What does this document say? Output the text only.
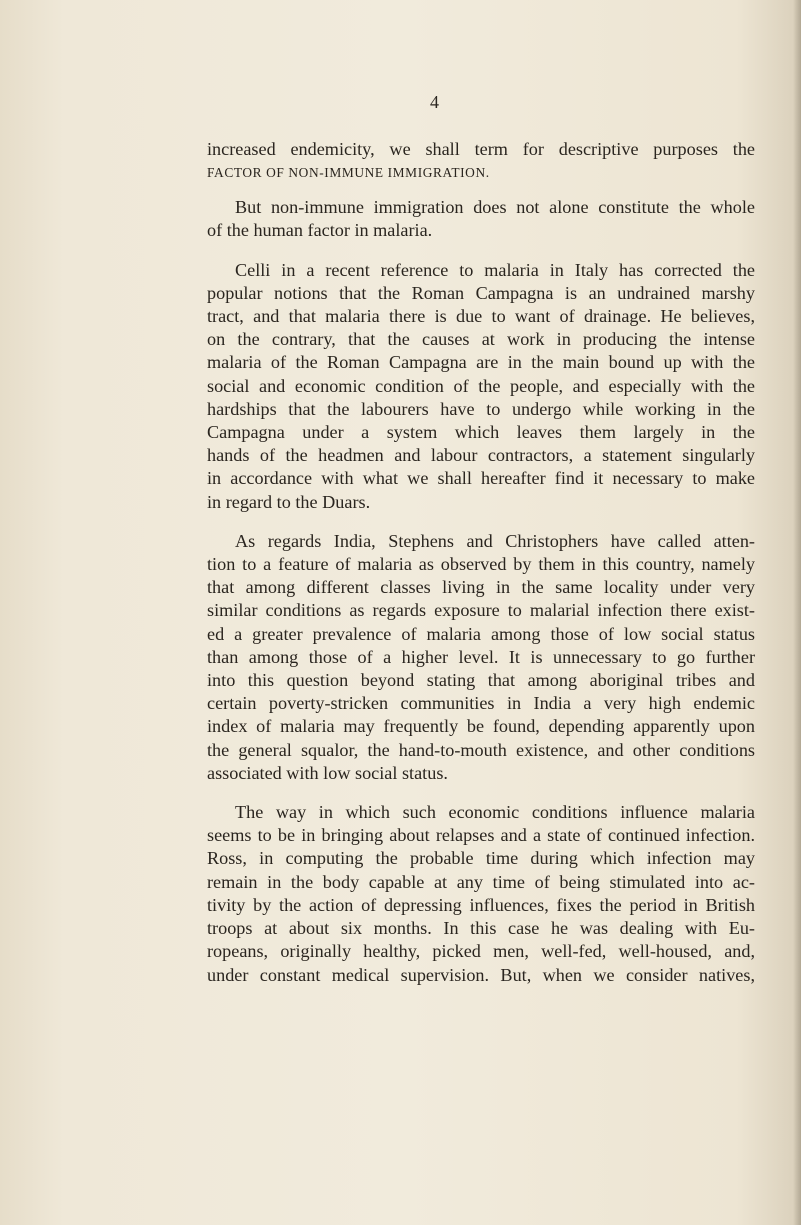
4
increased endemicity, we shall term for descriptive purposes the
FACTOR OF NON-IMMUNE IMMIGRATION.
But non-immune immigration does not alone constitute the whole
of the human factor in malaria.
Celli in a recent reference to malaria in Italy has corrected the
popular notions that the Roman Campagna is an undrained marshy
tract, and that malaria there is due to want of drainage. He believes,
on the contrary, that the causes at work in producing the intense
malaria of the Roman Campagna are in the main bound up with the
social and economic condition of the people, and especially with the
hardships that the labourers have to undergo while working in the
Campagna under a system which leaves them largely in the
hands of the headmen and labour contractors, a statement singularly
in accordance with what we shall hereafter find it necessary to make
in regard to the Duars.
As regards India, Stephens and Christophers have called atten-
tion to a feature of malaria as observed by them in this country, namely
that among different classes living in the same locality under very
similar conditions as regards exposure to malarial infection there exist-
ed a greater prevalence of malaria among those of low social status
than among those of a higher level. It is unnecessary to go further
into this question beyond stating that among aboriginal tribes and
certain poverty-stricken communities in India a very high endemic
index of malaria may frequently be found, depending apparently upon
the general squalor, the hand-to-mouth existence, and other conditions
associated with low social status.
The way in which such economic conditions influence malaria
seems to be in bringing about relapses and a state of continued infection.
Ross, in computing the probable time during which infection may
remain in the body capable at any time of being stimulated into ac-
tivity by the action of depressing influences, fixes the period in British
troops at about six months. In this case he was dealing with Eu-
ropeans, originally healthy, picked men, well-fed, well-housed, and,
under constant medical supervision. But, when we consider natives,
